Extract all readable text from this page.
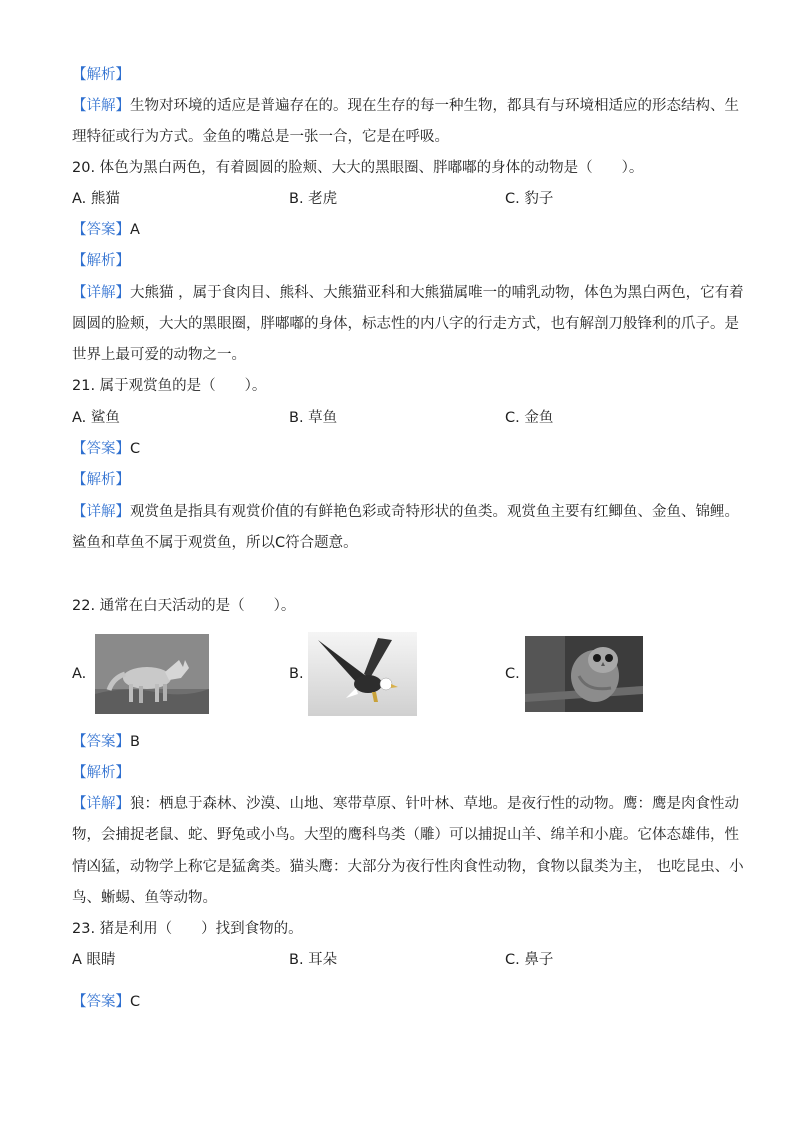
【解析】
【详解】生物对环境的适应是普遍存在的。现在生存的每一种生物，都具有与环境相适应的形态结构、生
理特征或行为方式。金鱼的嘴总是一张一合，它是在呼吸。
20. 体色为黑白两色，有着圆圆的脸颊、大大的黑眼圈、胖嘟嘟的身体的动物是（　　）。
A. 熊猫	B. 老虎	C. 豹子
【答案】A
【解析】
【详解】大熊猫 ，属于食肉目、熊科、大熊猫亚科和大熊猫属唯一的哺乳动物，体色为黑白两色，它有着
圆圆的脸颊，大大的黑眼圈，胖嘟嘟的身体，标志性的内八字的行走方式，也有解剖刀般锋利的爪子。是
世界上最可爱的动物之一。
21. 属于观赏鱼的是（　　）。
A. 鲨鱼	B. 草鱼	C. 金鱼
【答案】C
【解析】
【详解】观赏鱼是指具有观赏价值的有鲜艳色彩或奇特形状的鱼类。观赏鱼主要有红鲫鱼、金鱼、锦鲤。
鲨鱼和草鱼不属于观赏鱼，所以C符合题意。
22. 通常在白天活动的是（　　）。
A.	B.	C.
【答案】B
【解析】
【详解】狼：栖息于森林、沙漠、山地、寒带草原、针叶林、草地。是夜行性的动物。鹰：鹰是肉食性动
物，会捕捉老鼠、蛇、野兔或小鸟。大型的鹰科鸟类（雕）可以捕捉山羊、绵羊和小鹿。它体态雄伟，性
情凶猛，动物学上称它是猛禽类。猫头鹰：大部分为夜行性肉食性动物，食物以鼠类为主， 也吃昆虫、小
鸟、蜥蜴、鱼等动物。
23. 猪是利用（　　）找到食物的。
A 眼睛	B. 耳朵	C. 鼻子
【答案】C
